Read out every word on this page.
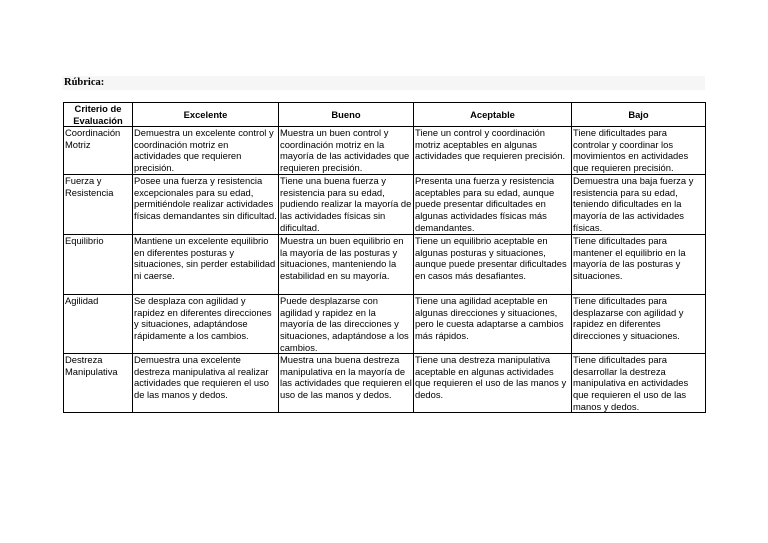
Rúbrica:
Criterio de Evaluación	Excelente	Bueno	Aceptable	Bajo
Coordinación Motriz	Demuestra un excelente control y coordinación motriz en actividades que requieren precisión.	Muestra un buen control y coordinación motriz en la mayoría de las actividades que requieren precisión.	Tiene un control y coordinación motriz aceptables en algunas actividades que requieren precisión.	Tiene dificultades para controlar y coordinar los movimientos en actividades que requieren precisión.
Fuerza y Resistencia	Posee una fuerza y resistencia excepcionales para su edad, permitiéndole realizar actividades físicas demandantes sin dificultad.	Tiene una buena fuerza y resistencia para su edad, pudiendo realizar la mayoría de las actividades físicas sin dificultad.	Presenta una fuerza y resistencia aceptables para su edad, aunque puede presentar dificultades en algunas actividades físicas más demandantes.	Demuestra una baja fuerza y resistencia para su edad, teniendo dificultades en la mayoría de las actividades físicas.
Equilibrio	Mantiene un excelente equilibrio en diferentes posturas y situaciones, sin perder estabilidad ni caerse.	Muestra un buen equilibrio en la mayoría de las posturas y situaciones, manteniendo la estabilidad en su mayoría.	Tiene un equilibrio aceptable en algunas posturas y situaciones, aunque puede presentar dificultades en casos más desafiantes.	Tiene dificultades para mantener el equilibrio en la mayoría de las posturas y situaciones.
Agilidad	Se desplaza con agilidad y rapidez en diferentes direcciones y situaciones, adaptándose rápidamente a los cambios.	Puede desplazarse con agilidad y rapidez en la mayoría de las direcciones y situaciones, adaptándose a los cambios.	Tiene una agilidad aceptable en algunas direcciones y situaciones, pero le cuesta adaptarse a cambios más rápidos.	Tiene dificultades para desplazarse con agilidad y rapidez en diferentes direcciones y situaciones.
Destreza Manipulativa	Demuestra una excelente destreza manipulativa al realizar actividades que requieren el uso de las manos y dedos.	Muestra una buena destreza manipulativa en la mayoría de las actividades que requieren el uso de las manos y dedos.	Tiene una destreza manipulativa aceptable en algunas actividades que requieren el uso de las manos y dedos.	Tiene dificultades para desarrollar la destreza manipulativa en actividades que requieren el uso de las manos y dedos.
